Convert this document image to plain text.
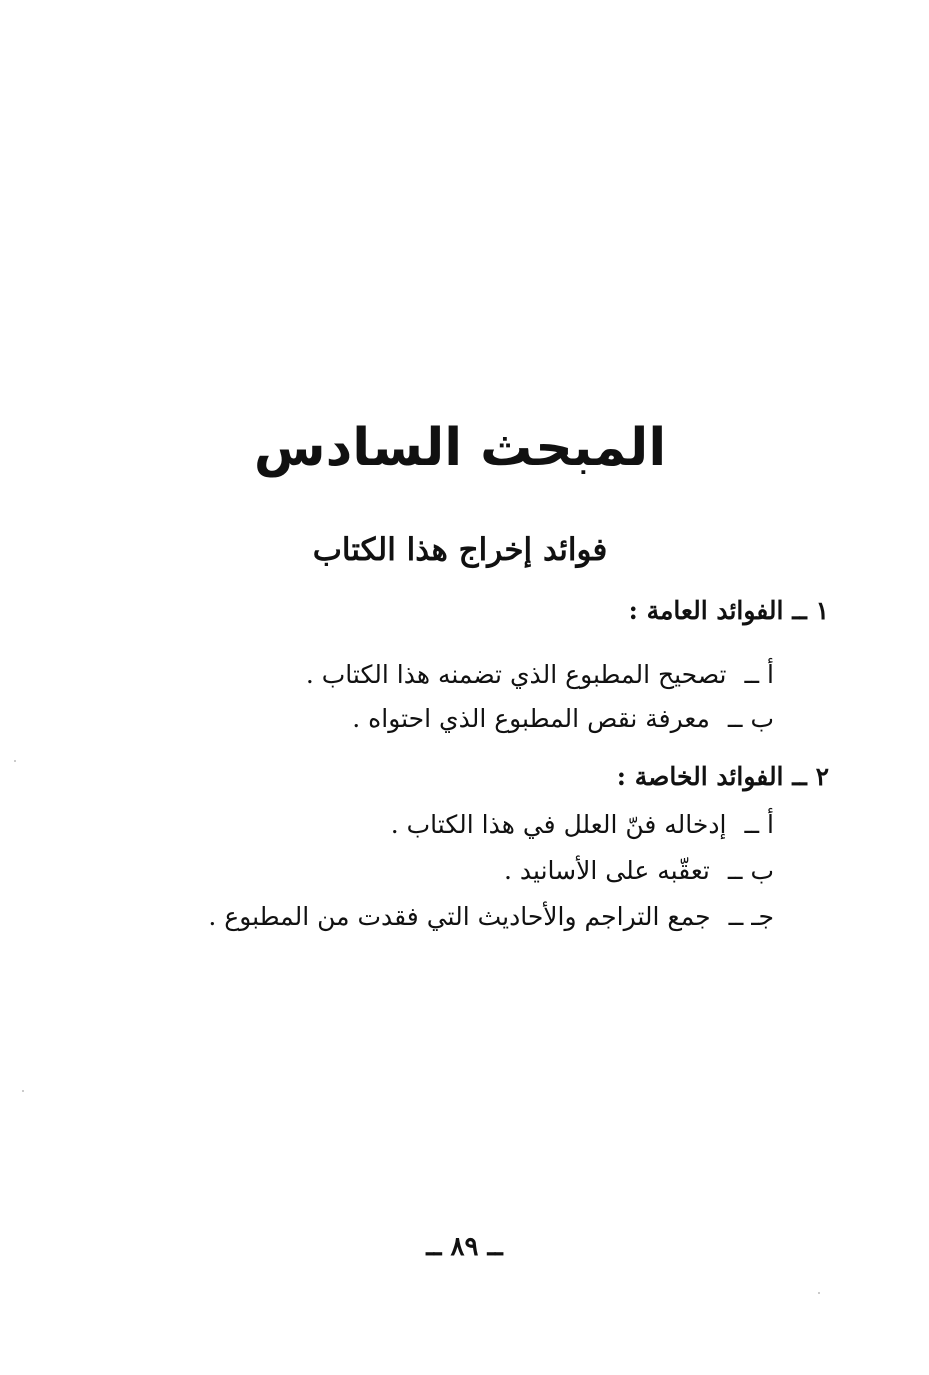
المبحث السادس
فوائد إخراج هذا الكتاب
١ ــ الفوائد العامة :
أ ــتصحيح المطبوع الذي تضمنه هذا الكتاب .
ب ــمعرفة نقص المطبوع الذي احتواه .
٢ ــ الفوائد الخاصة :
أ ــإدخاله فنّ العلل في هذا الكتاب .
ب ــتعقّبه على الأسانيد .
جـ ــجمع التراجم والأحاديث التي فقدت من المطبوع .
ــ ٨٩ ــ
